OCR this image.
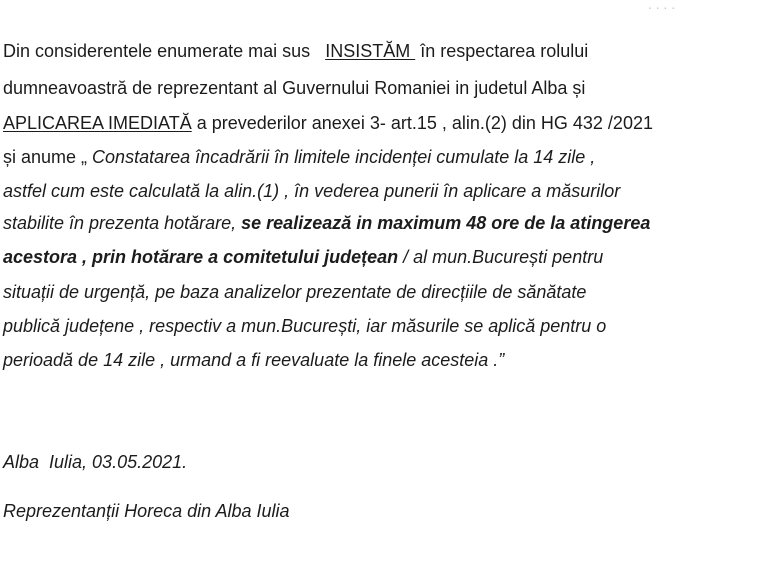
∙ ∙ ∙ ∙
Din considerentele enumerate mai sus   INSISTĂM  în respectarea rolului
dumneavoastră de reprezentant al Guvernului Romaniei in judetul Alba și
APLICAREA IMEDIATĂ a prevederilor anexei 3- art.15 , alin.(2) din HG 432 /2021
și anume „ Constatarea încadrării în limitele incidenței cumulate la 14 zile ,
astfel cum este calculată la alin.(1) , în vederea punerii în aplicare a măsurilor
stabilite în prezenta hotărare, se realizează in maximum 48 ore de la atingerea
acestora , prin hotărare a comitetului județean / al mun.București pentru
situații de urgență, pe baza analizelor prezentate de direcțiile de sănătate
publică județene , respectiv a mun.București, iar măsurile se aplică pentru o
perioadă de 14 zile , urmand a fi reevaluate la finele acesteia .”
Alba  Iulia, 03.05.2021.
Reprezentanții Horeca din Alba Iulia
